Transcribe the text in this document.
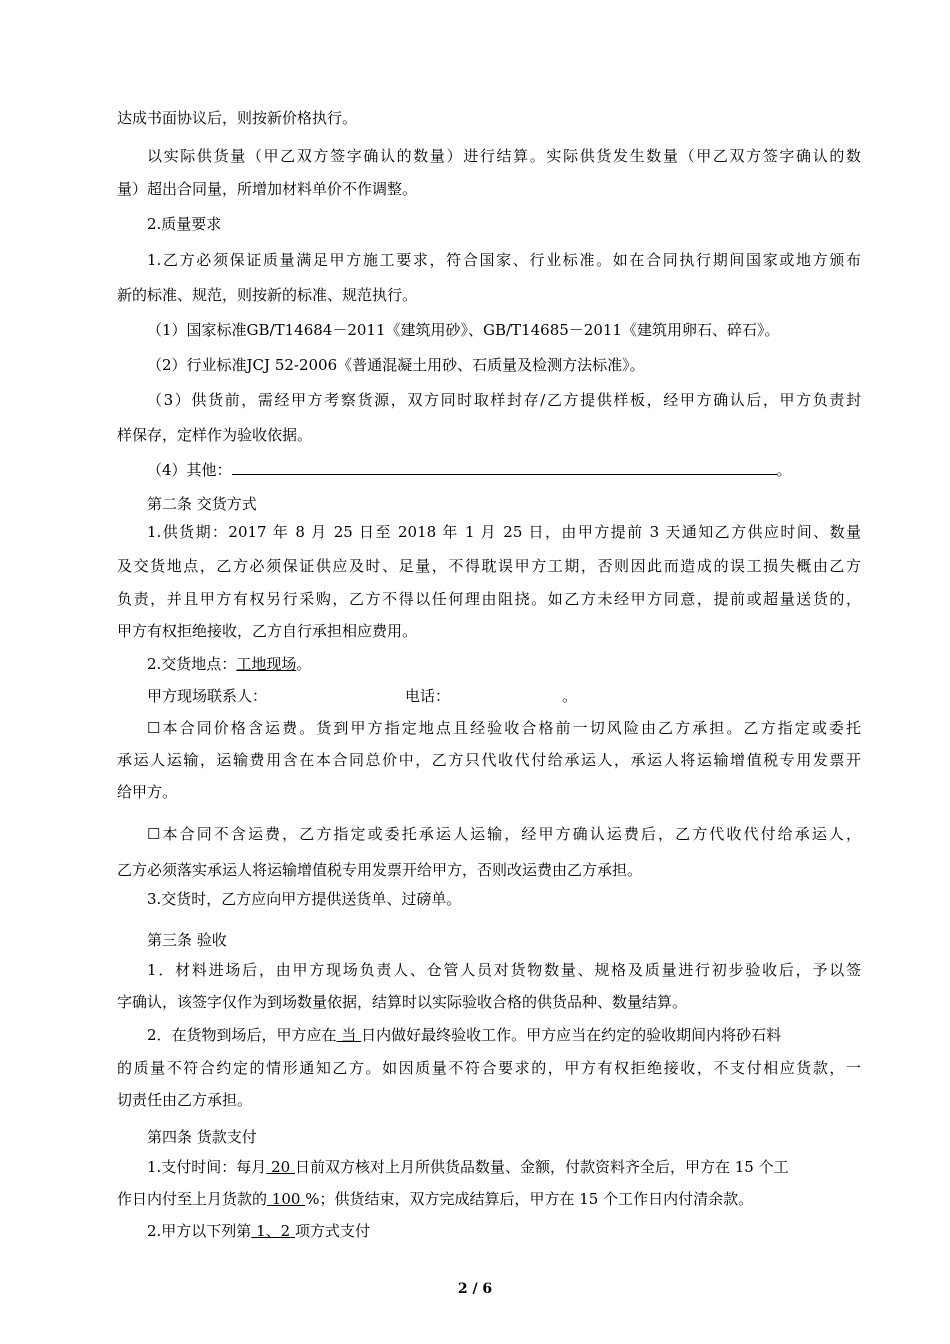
达成书面协议后，则按新价格执行。
以实际供货量（甲乙双方签字确认的数量）进行结算。实际供货发生数量（甲乙双方签字确认的数
量）超出合同量，所增加材料单价不作调整。
2.质量要求
1.乙方必须保证质量满足甲方施工要求，符合国家、行业标准。如在合同执行期间国家或地方颁布
新的标准、规范，则按新的标准、规范执行。
（1）国家标准GB/T14684－2011《建筑用砂》、GB/T14685－2011《建筑用卵石、碎石》。
（2）行业标准JCJ 52-2006《普通混凝土用砂、石质量及检测方法标准》。
（3）供货前，需经甲方考察货源，双方同时取样封存/乙方提供样板，经甲方确认后，甲方负责封
样保存，定样作为验收依据。
（4）其他：	。
第二条 交货方式
1.供货期：2017 年 8 月 25 日至 2018 年 1 月 25 日，由甲方提前 3 天通知乙方供应时间、数量
及交货地点，乙方必须保证供应及时、足量，不得耽误甲方工期，否则因此而造成的误工损失概由乙方
负责，并且甲方有权另行采购，乙方不得以任何理由阻挠。如乙方未经甲方同意，提前或超量送货的，
甲方有权拒绝接收，乙方自行承担相应费用。
2.交货地点：工地现场。
甲方现场联系人：	电话：	。
☐本合同价格含运费。货到甲方指定地点且经验收合格前一切风险由乙方承担。乙方指定或委托
承运人运输，运输费用含在本合同总价中，乙方只代收代付给承运人，承运人将运输增值税专用发票开
给甲方。
☐本合同不含运费，乙方指定或委托承运人运输，经甲方确认运费后，乙方代收代付给承运人，
乙方必须落实承运人将运输增值税专用发票开给甲方，否则改运费由乙方承担。
3.交货时，乙方应向甲方提供送货单、过磅单。
第三条 验收
1．材料进场后，由甲方现场负责人、仓管人员对货物数量、规格及质量进行初步验收后，予以签
字确认，该签字仅作为到场数量依据，结算时以实际验收合格的供货品种、数量结算。
2．在货物到场后，甲方应在 当 日内做好最终验收工作。甲方应当在约定的验收期间内将砂石料
的质量不符合约定的情形通知乙方。如因质量不符合要求的，甲方有权拒绝接收，不支付相应货款，一
切责任由乙方承担。
第四条 货款支付
1.支付时间：每月 20 日前双方核对上月所供货品数量、金额，付款资料齐全后，甲方在 15 个工
作日内付至上月货款的 100 %；供货结束，双方完成结算后，甲方在 15 个工作日内付清余款。
2.甲方以下列第 1、2 项方式支付
2 / 6
